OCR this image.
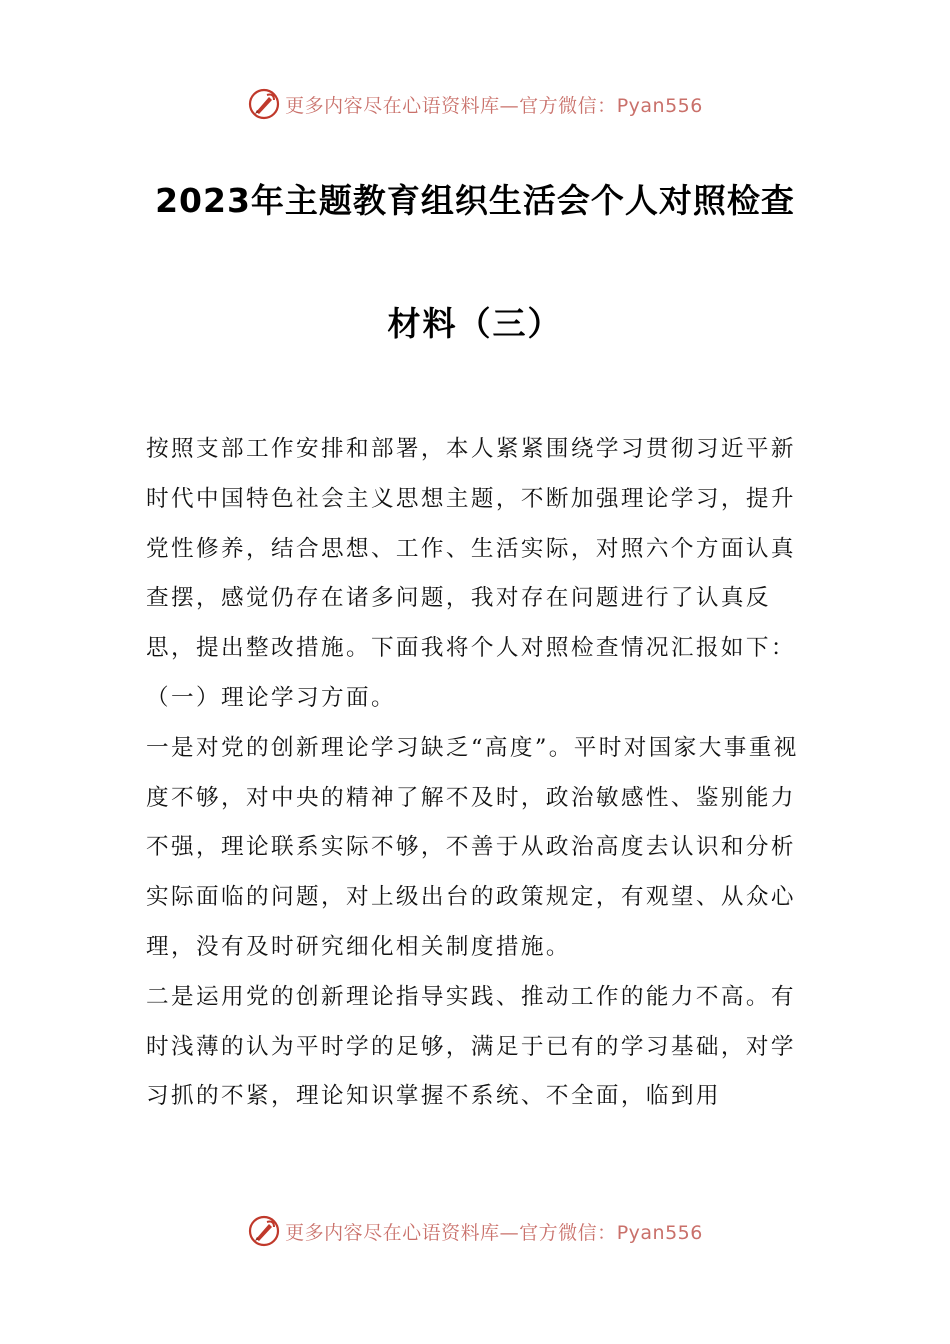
更多内容尽在心语资料库—官方微信：Pyan556
2023年主题教育组织生活会个人对照检查
材料（三）

按照支部工作安排和部署，本人紧紧围绕学习贯彻习近平新时代中国特色社会主义思想主题，不断加强理论学习，提升党性修养，结合思想、工作、生活实际，对照六个方面认真查摆，感觉仍存在诸多问题，我对存在问题进行了认真反思，提出整改措施。下面我将个人对照检查情况汇报如下：

（一）理论学习方面。

一是对党的创新理论学习缺乏“高度”。平时对国家大事重视度不够，对中央的精神了解不及时，政治敏感性、鉴别能力不强，理论联系实际不够，不善于从政治高度去认识和分析实际面临的问题，对上级出台的政策规定，有观望、从众心理，没有及时研究细化相关制度措施。

二是运用党的创新理论指导实践、推动工作的能力不高。有时浅薄的认为平时学的足够，满足于已有的学习基础，对学习抓的不紧，理论知识掌握不系统、不全面，临到用

更多内容尽在心语资料库—官方微信：Pyan556
